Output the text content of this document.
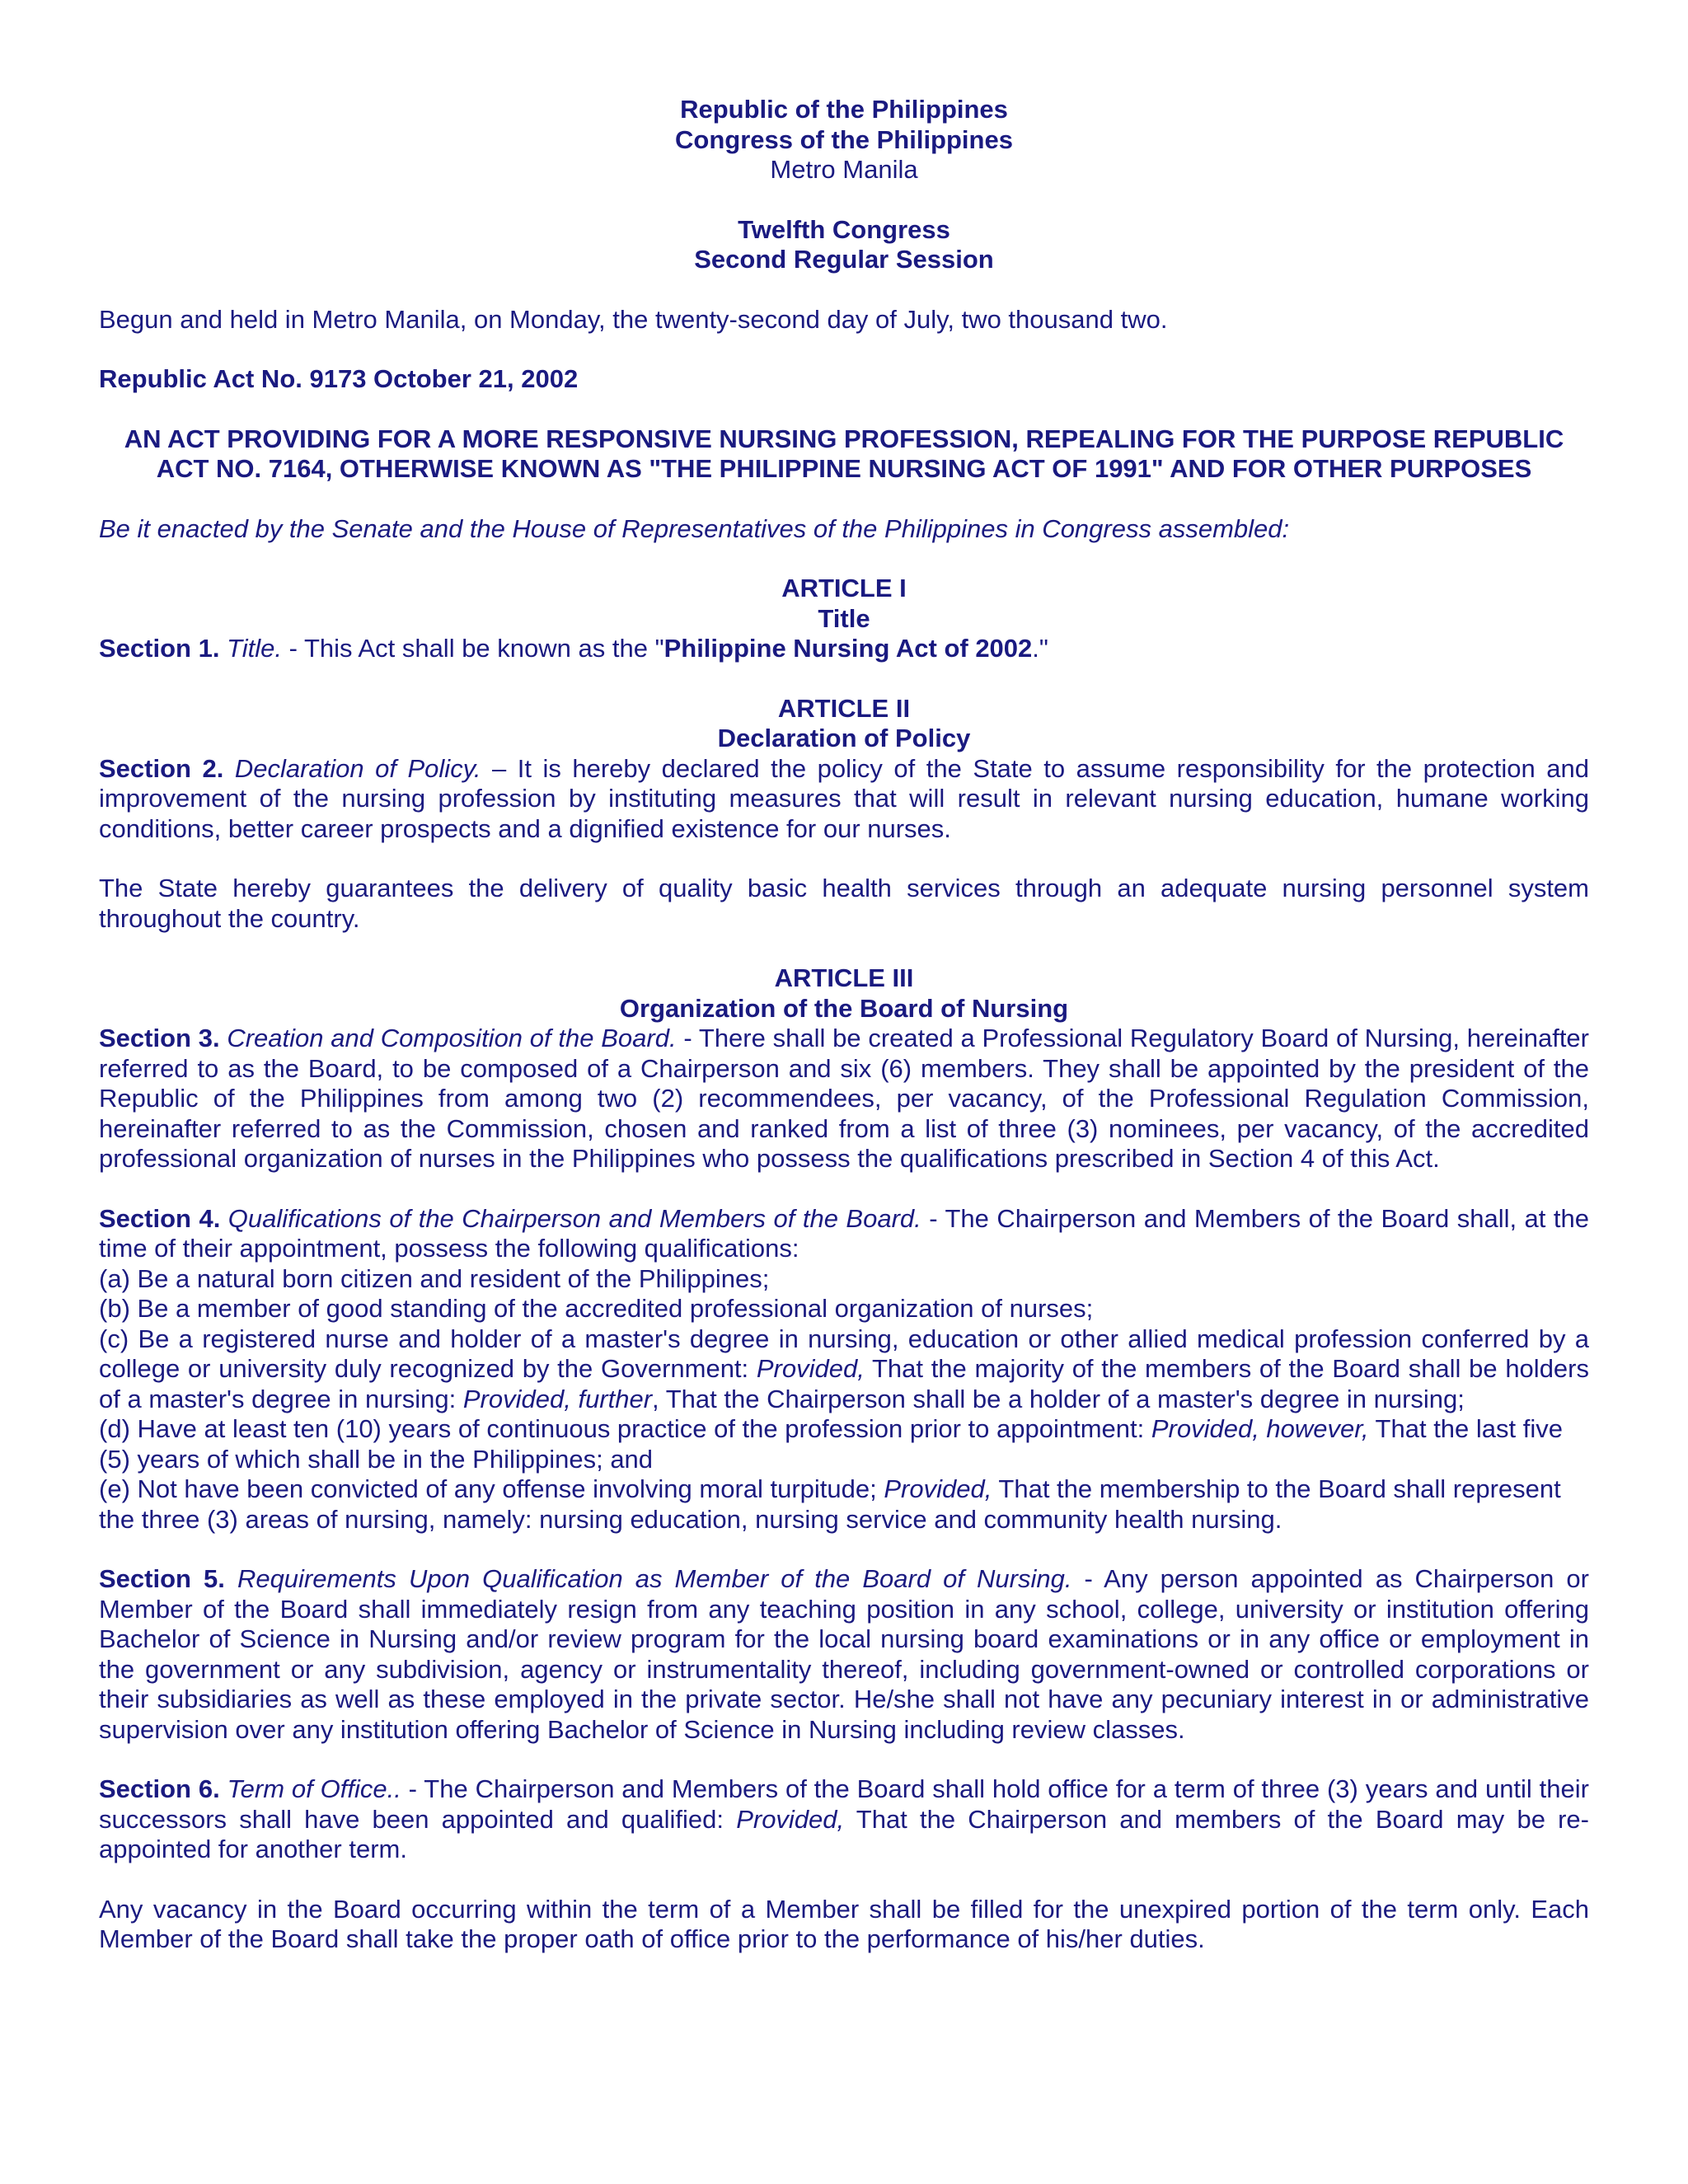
Republic of the Philippines

Congress of the Philippines

Metro Manila

Twelfth Congress

Second Regular Session

Begun and held in Metro Manila, on Monday, the twenty-second day of July, two thousand two.

Republic Act No. 9173 October 21, 2002

AN ACT PROVIDING FOR A MORE RESPONSIVE NURSING PROFESSION, REPEALING FOR THE PURPOSE REPUBLIC ACT NO. 7164, OTHERWISE KNOWN AS "THE PHILIPPINE NURSING ACT OF 1991" AND FOR OTHER PURPOSES

Be it enacted by the Senate and the House of Representatives of the Philippines in Congress assembled:

ARTICLE I

Title

Section 1. Title. - This Act shall be known as the "Philippine Nursing Act of 2002."

ARTICLE II

Declaration of Policy

Section 2. Declaration of Policy. – It is hereby declared the policy of the State to assume responsibility for the protection and improvement of the nursing profession by instituting measures that will result in relevant nursing education, humane working conditions, better career prospects and a dignified existence for our nurses.

The State hereby guarantees the delivery of quality basic health services through an adequate nursing personnel system throughout the country.

ARTICLE III

Organization of the Board of Nursing

Section 3. Creation and Composition of the Board. - There shall be created a Professional Regulatory Board of Nursing, hereinafter referred to as the Board, to be composed of a Chairperson and six (6) members. They shall be appointed by the president of the Republic of the Philippines from among two (2) recommendees, per vacancy, of the Professional Regulation Commission, hereinafter referred to as the Commission, chosen and ranked from a list of three (3) nominees, per vacancy, of the accredited professional organization of nurses in the Philippines who possess the qualifications prescribed in Section 4 of this Act.

Section 4. Qualifications of the Chairperson and Members of the Board. - The Chairperson and Members of the Board shall, at the time of their appointment, possess the following qualifications:

(a) Be a natural born citizen and resident of the Philippines;

(b) Be a member of good standing of the accredited professional organization of nurses;

(c) Be a registered nurse and holder of a master's degree in nursing, education or other allied medical profession conferred by a college or university duly recognized by the Government: Provided, That the majority of the members of the Board shall be holders of a master's degree in nursing: Provided, further, That the Chairperson shall be a holder of a master's degree in nursing;

(d) Have at least ten (10) years of continuous practice of the profession prior to appointment: Provided, however, That the last five (5) years of which shall be in the Philippines; and

(e) Not have been convicted of any offense involving moral turpitude; Provided, That the membership to the Board shall represent the three (3) areas of nursing, namely: nursing education, nursing service and community health nursing.

Section 5. Requirements Upon Qualification as Member of the Board of Nursing. - Any person appointed as Chairperson or Member of the Board shall immediately resign from any teaching position in any school, college, university or institution offering Bachelor of Science in Nursing and/or review program for the local nursing board examinations or in any office or employment in the government or any subdivision, agency or instrumentality thereof, including government-owned or controlled corporations or their subsidiaries as well as these employed in the private sector. He/she shall not have any pecuniary interest in or administrative supervision over any institution offering Bachelor of Science in Nursing including review classes.

Section 6. Term of Office.. - The Chairperson and Members of the Board shall hold office for a term of three (3) years and until their successors shall have been appointed and qualified: Provided, That the Chairperson and members of the Board may be re-appointed for another term.

Any vacancy in the Board occurring within the term of a Member shall be filled for the unexpired portion of the term only. Each Member of the Board shall take the proper oath of office prior to the performance of his/her duties.
